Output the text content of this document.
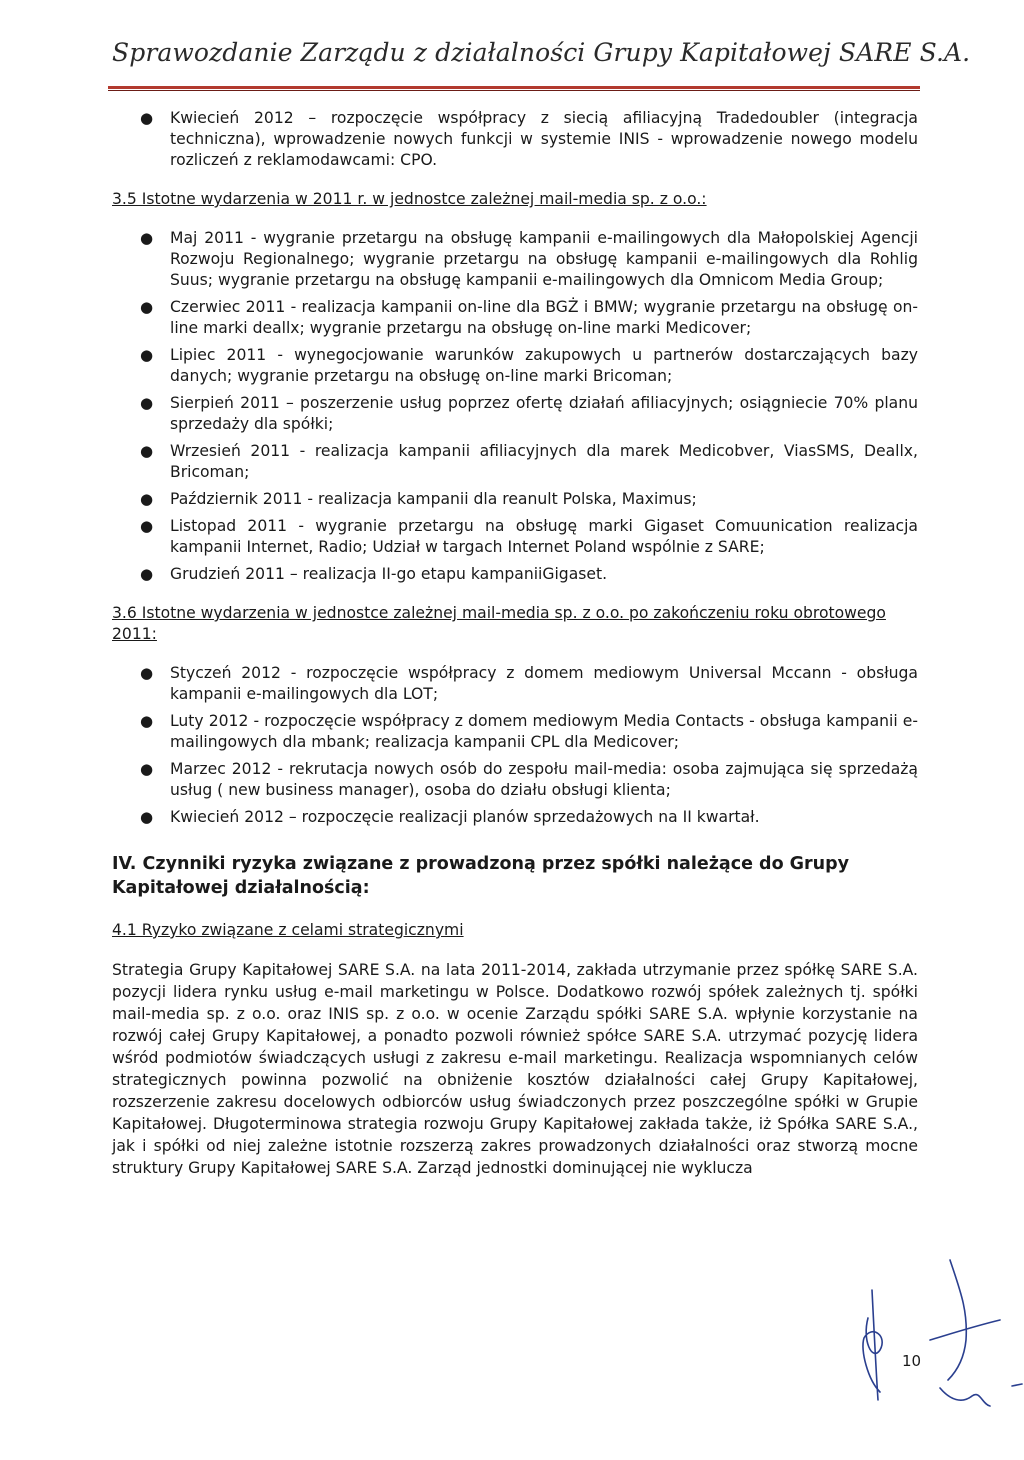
Sprawozdanie Zarządu z działalności Grupy Kapitałowej SARE S.A.
● Kwiecień 2012 – rozpoczęcie współpracy z siecią afiliacyjną Tradedoubler (integracja techniczna), wprowadzenie nowych funkcji w systemie INIS - wprowadzenie nowego modelu rozliczeń z reklamodawcami: CPO.
3.5 Istotne wydarzenia w 2011 r. w jednostce zależnej mail-media sp. z o.o.:
● Maj 2011 - wygranie przetargu na obsługę kampanii e-mailingowych dla Małopolskiej Agencji Rozwoju Regionalnego; wygranie przetargu na obsługę kampanii e-mailingowych dla Rohlig Suus; wygranie przetargu na obsługę kampanii e-mailingowych dla Omnicom Media Group;
● Czerwiec 2011 - realizacja kampanii on-line dla BGŻ i BMW; wygranie przetargu na obsługę on-line marki deallx; wygranie przetargu na obsługę on-line marki Medicover;
● Lipiec 2011 - wynegocjowanie warunków zakupowych u partnerów dostarczających bazy danych; wygranie przetargu na obsługę on-line marki Bricoman;
● Sierpień 2011 – poszerzenie usług poprzez ofertę działań afiliacyjnych; osiągniecie 70% planu sprzedaży dla spółki;
● Wrzesień 2011 - realizacja kampanii afiliacyjnych dla marek Medicobver, ViasSMS, Deallx, Bricoman;
● Październik 2011 - realizacja kampanii dla reanult Polska, Maximus;
● Listopad 2011 - wygranie przetargu na obsługę marki Gigaset Comuunication realizacja kampanii Internet, Radio; Udział w targach Internet Poland wspólnie z SARE;
● Grudzień 2011 – realizacja II-go etapu kampaniiGigaset.
3.6 Istotne wydarzenia w jednostce zależnej mail-media sp. z o.o. po zakończeniu roku obrotowego 2011:
● Styczeń 2012 - rozpoczęcie współpracy z domem mediowym Universal Mccann - obsługa kampanii e-mailingowych dla LOT;
● Luty 2012 - rozpoczęcie współpracy z domem mediowym Media Contacts - obsługa kampanii e-mailingowych dla mbank; realizacja kampanii CPL dla Medicover;
● Marzec 2012 - rekrutacja nowych osób do zespołu mail-media: osoba zajmująca się sprzedażą usług ( new business manager), osoba do działu obsługi klienta;
● Kwiecień 2012 – rozpoczęcie realizacji planów sprzedażowych na II kwartał.
IV. Czynniki ryzyka związane z prowadzoną przez spółki należące do Grupy Kapitałowej działalnością:
4.1 Ryzyko związane z celami strategicznymi

Strategia Grupy Kapitałowej SARE S.A. na lata 2011-2014, zakłada utrzymanie przez spółkę SARE S.A. pozycji lidera rynku usług e-mail marketingu w Polsce. Dodatkowo rozwój spółek zależnych tj. spółki mail-media sp. z o.o. oraz INIS sp. z o.o. w ocenie Zarządu spółki SARE S.A. wpłynie korzystanie na rozwój całej Grupy Kapitałowej, a ponadto pozwoli również spółce SARE S.A. utrzymać pozycję lidera wśród podmiotów świadczących usługi z zakresu e-mail marketingu. Realizacja wspomnianych celów strategicznych powinna pozwolić na obniżenie kosztów działalności całej Grupy Kapitałowej, rozszerzenie zakresu docelowych odbiorców usług świadczonych przez poszczególne spółki w Grupie Kapitałowej. Długoterminowa strategia rozwoju Grupy Kapitałowej zakłada także, iż Spółka SARE S.A., jak i spółki od niej zależne istotnie rozszerzą zakres prowadzonych działalności oraz stworzą mocne struktury Grupy Kapitałowej SARE S.A. Zarząd jednostki dominującej nie wyklucza

10
